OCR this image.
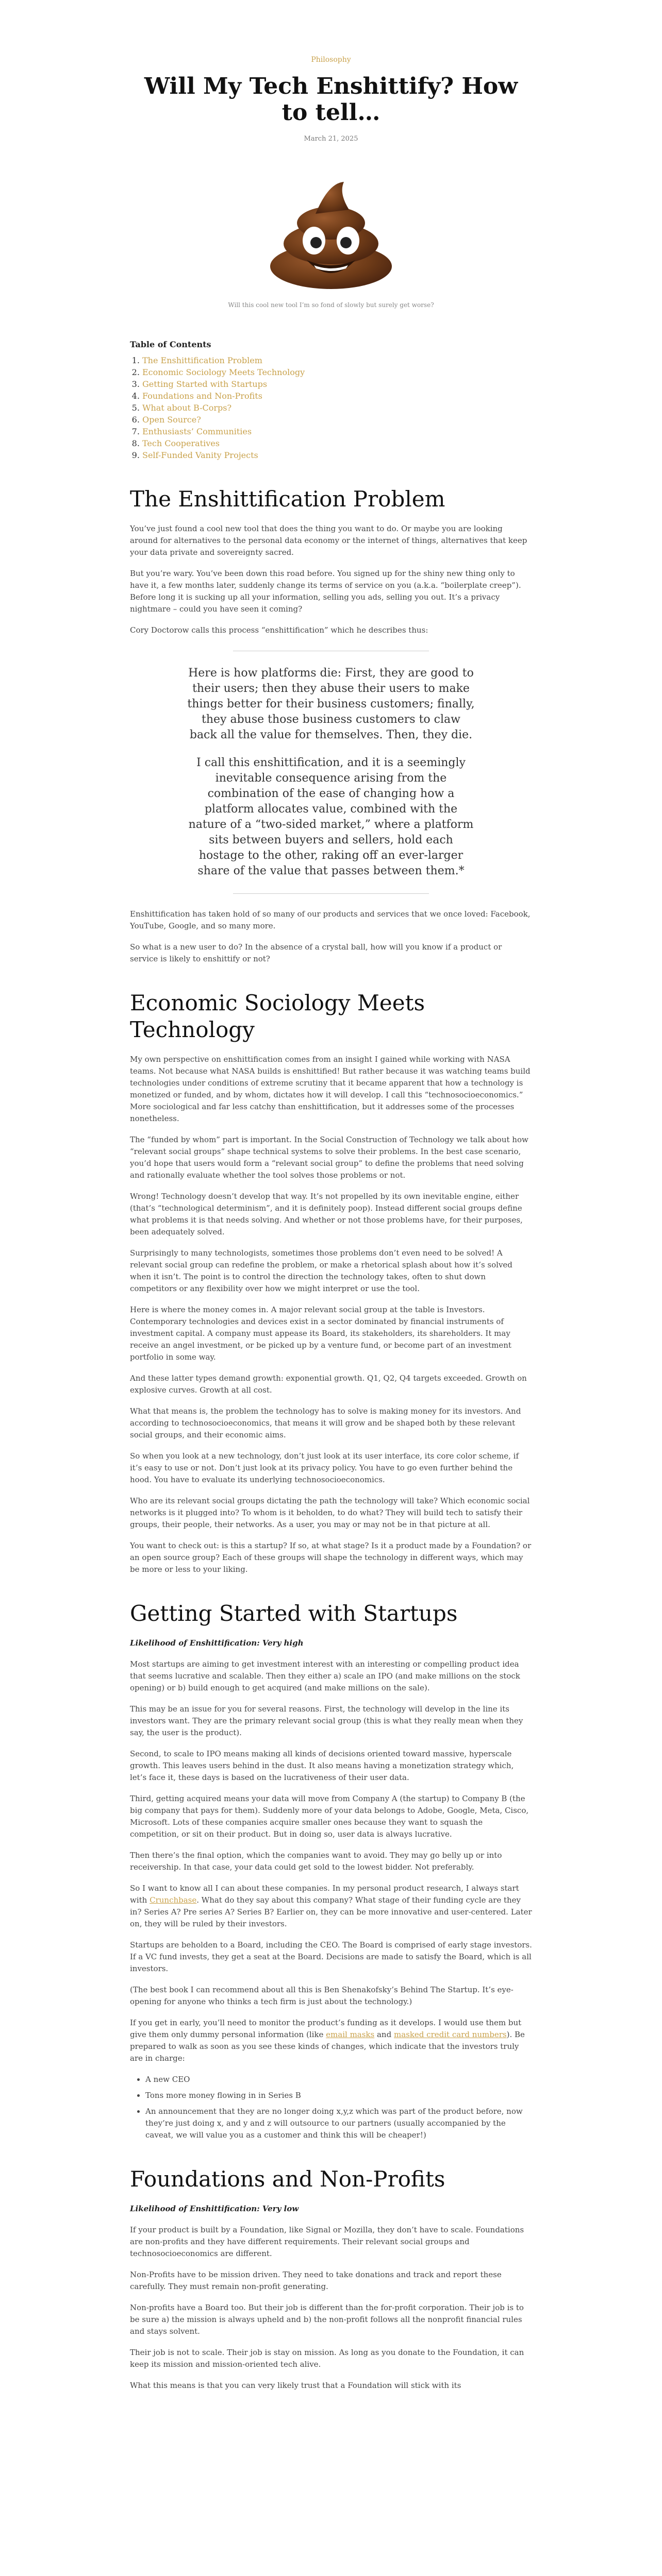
Philosophy
Will My Tech Enshittify? How to tell…
March 21, 2025
Will this cool new tool I’m so fond of slowly but surely get worse?
Table of Contents
1. The Enshittification Problem
2. Economic Sociology Meets Technology
3. Getting Started with Startups
4. Foundations and Non-Profits
5. What about B-Corps?
6. Open Source?
7. Enthusiasts’ Communities
8. Tech Cooperatives
9. Self-Funded Vanity Projects
The Enshittification Problem

You’ve just found a cool new tool that does the thing you want to do. Or maybe you are looking around for alternatives to the personal data economy or the internet of things, alternatives that keep your data private and sovereignty sacred.

But you’re wary. You’ve been down this road before. You signed up for the shiny new thing only to have it, a few months later, suddenly change its terms of service on you (a.k.a. “boilerplate creep”). Before long it is sucking up all your information, selling you ads, selling you out. It’s a privacy nightmare – could you have seen it coming?

Cory Doctorow calls this process “enshittification” which he describes thus:

Here is how platforms die: First, they are good to their users; then they abuse their users to make things better for their business customers; finally, they abuse those business customers to claw back all the value for themselves. Then, they die.

I call this enshittification, and it is a seemingly inevitable consequence arising from the combination of the ease of changing how a platform allocates value, combined with the nature of a “two-sided market,” where a platform sits between buyers and sellers, hold each hostage to the other, raking off an ever-larger share of the value that passes between them.*

Enshittification has taken hold of so many of our products and services that we once loved: Facebook, YouTube, Google, and so many more.

So what is a new user to do? In the absence of a crystal ball, how will you know if a product or service is likely to enshittify or not?

Economic Sociology Meets Technology

My own perspective on enshittification comes from an insight I gained while working with NASA teams. Not because what NASA builds is enshittified! But rather because it was watching teams build technologies under conditions of extreme scrutiny that it became apparent that how a technology is monetized or funded, and by whom, dictates how it will develop. I call this “technosocioeconomics.” More sociological and far less catchy than enshittification, but it addresses some of the processes nonetheless.

The “funded by whom” part is important. In the Social Construction of Technology we talk about how “relevant social groups” shape technical systems to solve their problems. In the best case scenario, you’d hope that users would form a “relevant social group” to define the problems that need solving and rationally evaluate whether the tool solves those problems or not.

Wrong! Technology doesn’t develop that way. It’s not propelled by its own inevitable engine, either (that’s “technological determinism”, and it is definitely poop). Instead different social groups define what problems it is that needs solving. And whether or not those problems have, for their purposes, been adequately solved.

Surprisingly to many technologists, sometimes those problems don’t even need to be solved! A relevant social group can redefine the problem, or make a rhetorical splash about how it’s solved when it isn’t. The point is to control the direction the technology takes, often to shut down competitors or any flexibility over how we might interpret or use the tool.

Here is where the money comes in. A major relevant social group at the table is Investors. Contemporary technologies and devices exist in a sector dominated by financial instruments of investment capital. A company must appease its Board, its stakeholders, its shareholders. It may receive an angel investment, or be picked up by a venture fund, or become part of an investment portfolio in some way.

And these latter types demand growth: exponential growth. Q1, Q2, Q4 targets exceeded. Growth on explosive curves. Growth at all cost.

What that means is, the problem the technology has to solve is making money for its investors. And according to technosocioeconomics, that means it will grow and be shaped both by these relevant social groups, and their economic aims.

So when you look at a new technology, don’t just look at its user interface, its core color scheme, if it’s easy to use or not. Don’t just look at its privacy policy. You have to go even further behind the hood. You have to evaluate its underlying technosocioeconomics.

Who are its relevant social groups dictating the path the technology will take? Which economic social networks is it plugged into? To whom is it beholden, to do what? They will build tech to satisfy their groups, their people, their networks. As a user, you may or may not be in that picture at all.

You want to check out: is this a startup? If so, at what stage? Is it a product made by a Foundation? or an open source group? Each of these groups will shape the technology in different ways, which may be more or less to your liking.

Getting Started with Startups

Likelihood of Enshittification: Very high

Most startups are aiming to get investment interest with an interesting or compelling product idea that seems lucrative and scalable. Then they either a) scale an IPO (and make millions on the stock opening) or b) build enough to get acquired (and make millions on the sale).

This may be an issue for you for several reasons. First, the technology will develop in the line its investors want. They are the primary relevant social group (this is what they really mean when they say, the user is the product).

Second, to scale to IPO means making all kinds of decisions oriented toward massive, hyperscale growth. This leaves users behind in the dust. It also means having a monetization strategy which, let’s face it, these days is based on the lucrativeness of their user data.

Third, getting acquired means your data will move from Company A (the startup) to Company B (the big company that pays for them). Suddenly more of your data belongs to Adobe, Google, Meta, Cisco, Microsoft. Lots of these companies acquire smaller ones because they want to squash the competition, or sit on their product. But in doing so, user data is always lucrative.

Then there’s the final option, which the companies want to avoid. They may go belly up or into receivership. In that case, your data could get sold to the lowest bidder. Not preferably.

So I want to know all I can about these companies. In my personal product research, I always start with Crunchbase. What do they say about this company? What stage of their funding cycle are they in? Series A? Pre series A? Series B? Earlier on, they can be more innovative and user-centered. Later on, they will be ruled by their investors.

Startups are beholden to a Board, including the CEO. The Board is comprised of early stage investors. If a VC fund invests, they get a seat at the Board. Decisions are made to satisfy the Board, which is all investors.

(The best book I can recommend about all this is Ben Shenakofsky’s Behind The Startup. It’s eye-opening for anyone who thinks a tech firm is just about the technology.)

If you get in early, you’ll need to monitor the product’s funding as it develops. I would use them but give them only dummy personal information (like email masks and masked credit card numbers). Be prepared to walk as soon as you see these kinds of changes, which indicate that the investors truly are in charge:

• A new CEO
• Tons more money flowing in in Series B
• An announcement that they are no longer doing x,y,z which was part of the product before, now they’re just doing x, and y and z will outsource to our partners (usually accompanied by the caveat, we will value you as a customer and think this will be cheaper!)
Foundations and Non-Profits

Likelihood of Enshittification: Very low

If your product is built by a Foundation, like Signal or Mozilla, they don’t have to scale. Foundations are non-profits and they have different requirements. Their relevant social groups and technosocioeconomics are different.

Non-Profits have to be mission driven. They need to take donations and track and report these carefully. They must remain non-profit generating.

Non-profits have a Board too. But their job is different than the for-profit corporation. Their job is to be sure a) the mission is always upheld and b) the non-profit follows all the nonprofit financial rules and stays solvent.

Their job is not to scale. Their job is stay on mission. As long as you donate to the Foundation, it can keep its mission and mission-oriented tech alive.

What this means is that you can very likely trust that a Foundation will stick with its
